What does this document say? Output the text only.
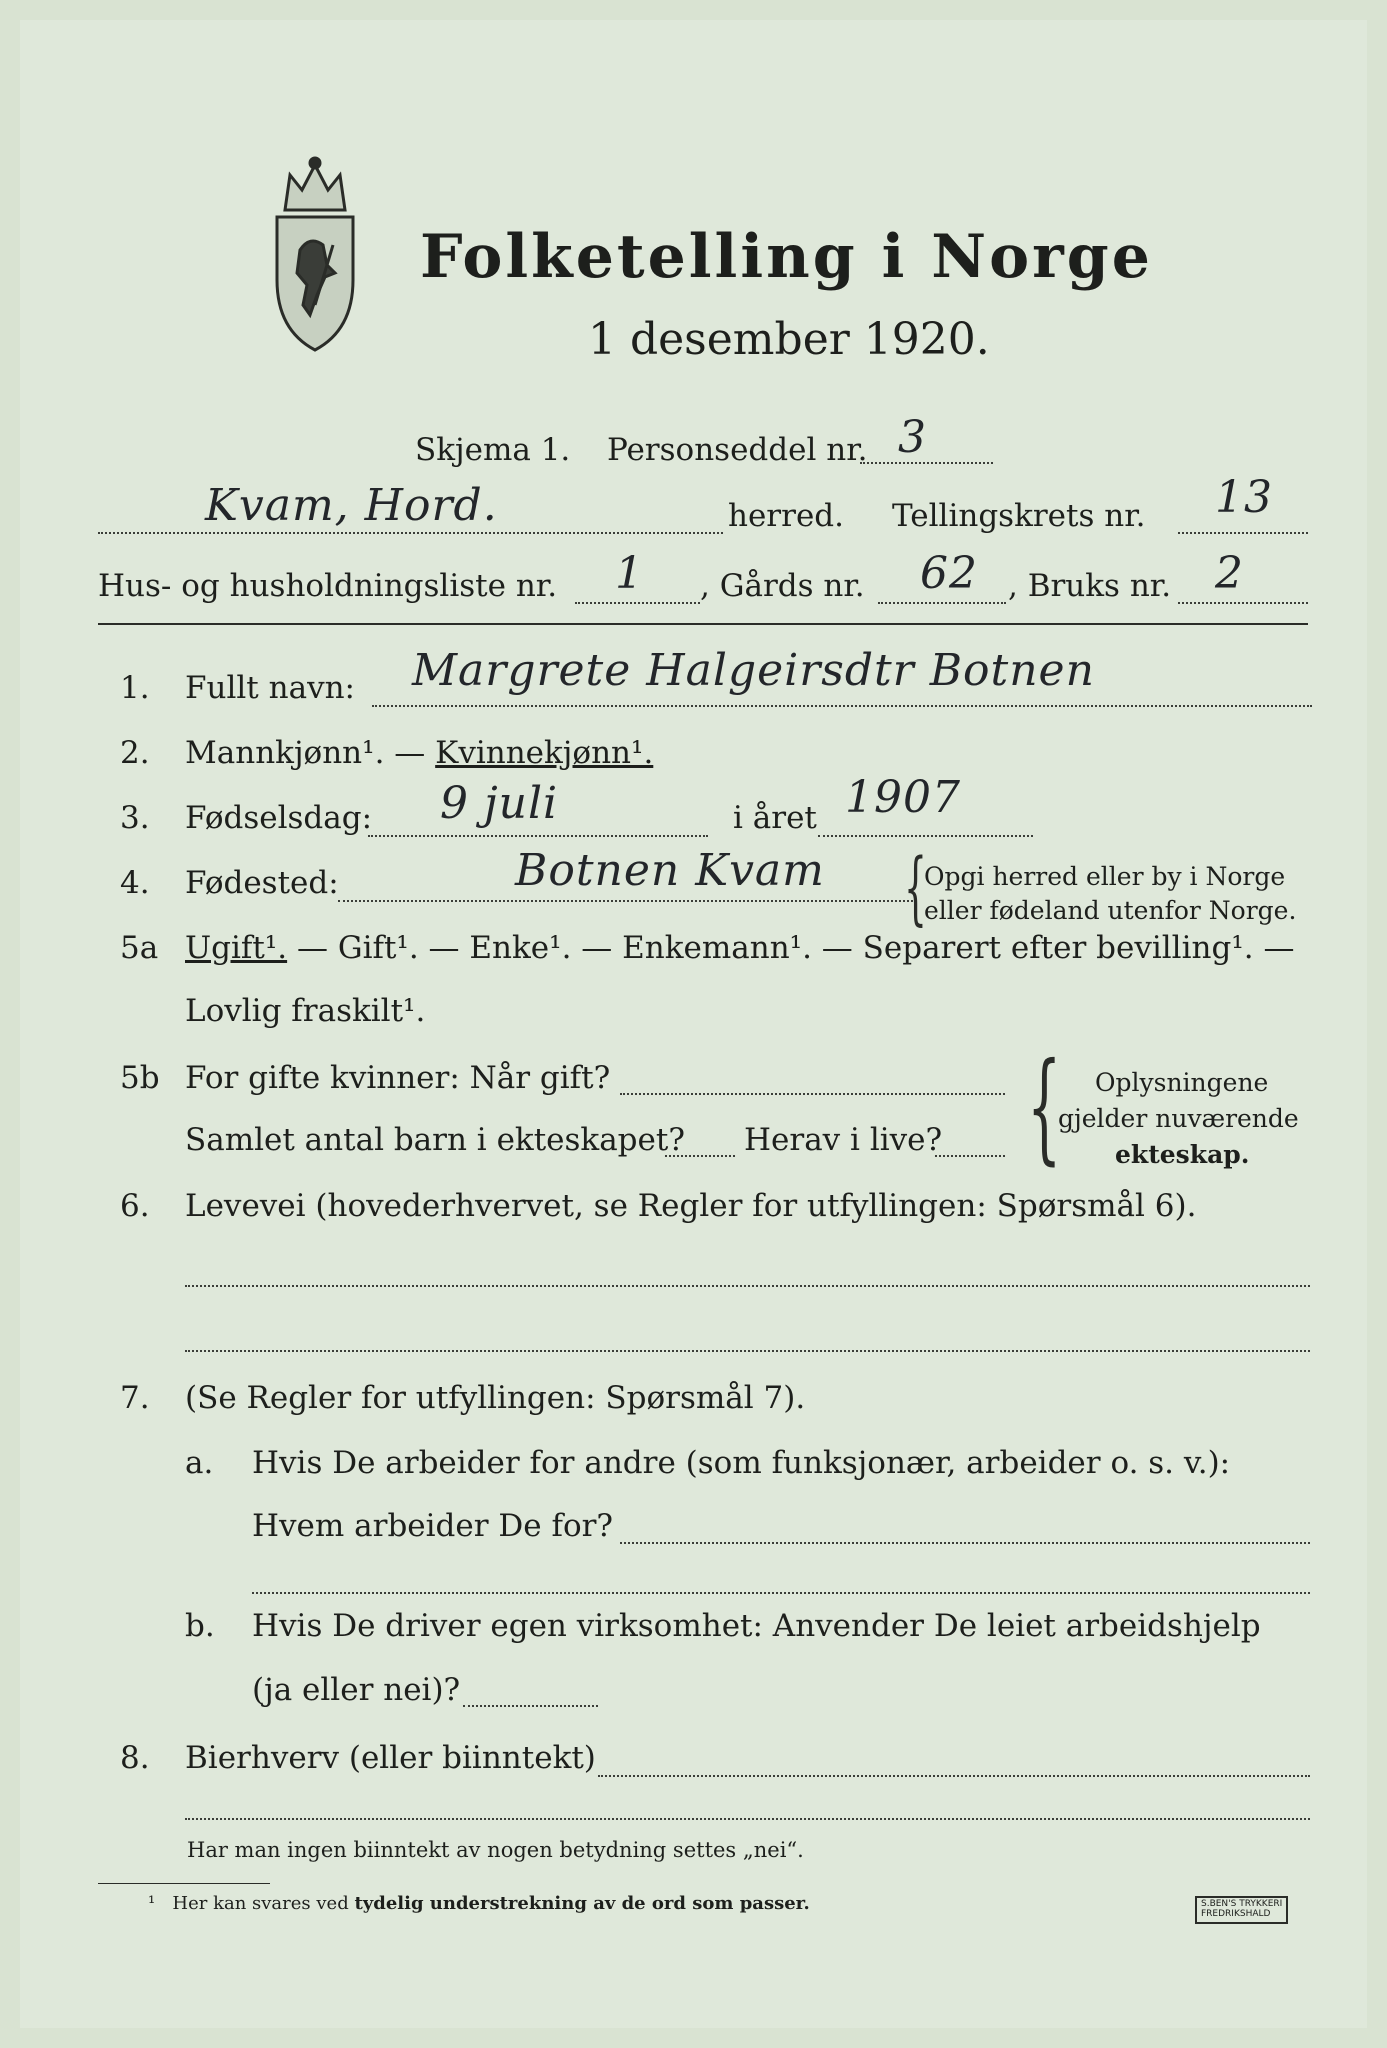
Folketelling i Norge
1 desember 1920.
Skjema 1. Personseddel nr. 3
Kvam, Hord.	herred. Tellingskrets nr. 13
Hus- og husholdningsliste nr. 1 , Gårds nr. 62 , Bruks nr. 2
1. Fullt navn: Margrete Halgeirsdtr Botnen
2. Mannkjønn¹. — Kvinnekjønn¹.
3. Fødselsdag: 9 juli	i året 1907
4. Fødested:	Botnen Kvam {
Opgi herred eller by i Norge
eller fødeland utenfor Norge.
5a Ugift¹. — Gift¹. — Enke¹. — Enkemann¹. — Separert efter bevilling¹. —
Lovlig fraskilt¹.
5b For gifte kvinner: Når gift?
Samlet antal barn i ekteskapet? Herav i live? { Oplysningene
gjelder nuværende
ekteskap.
6. Levevei (hovederhvervet, se Regler for utfyllingen: Spørsmål 6).
7. (Se Regler for utfyllingen: Spørsmål 7).
a. Hvis De arbeider for andre (som funksjonær, arbeider o. s. v.):
Hvem arbeider De for?
b. Hvis De driver egen virksomhet: Anvender De leiet arbeidshjelp
(ja eller nei)?
8. Bierhverv (eller biinntekt)
Har man ingen biinntekt av nogen betydning settes „nei“.
¹ Her kan svares ved tydelig understrekning av de ord som passer.	S.BEN'S TRYKKERI
FREDRIKSHALD
